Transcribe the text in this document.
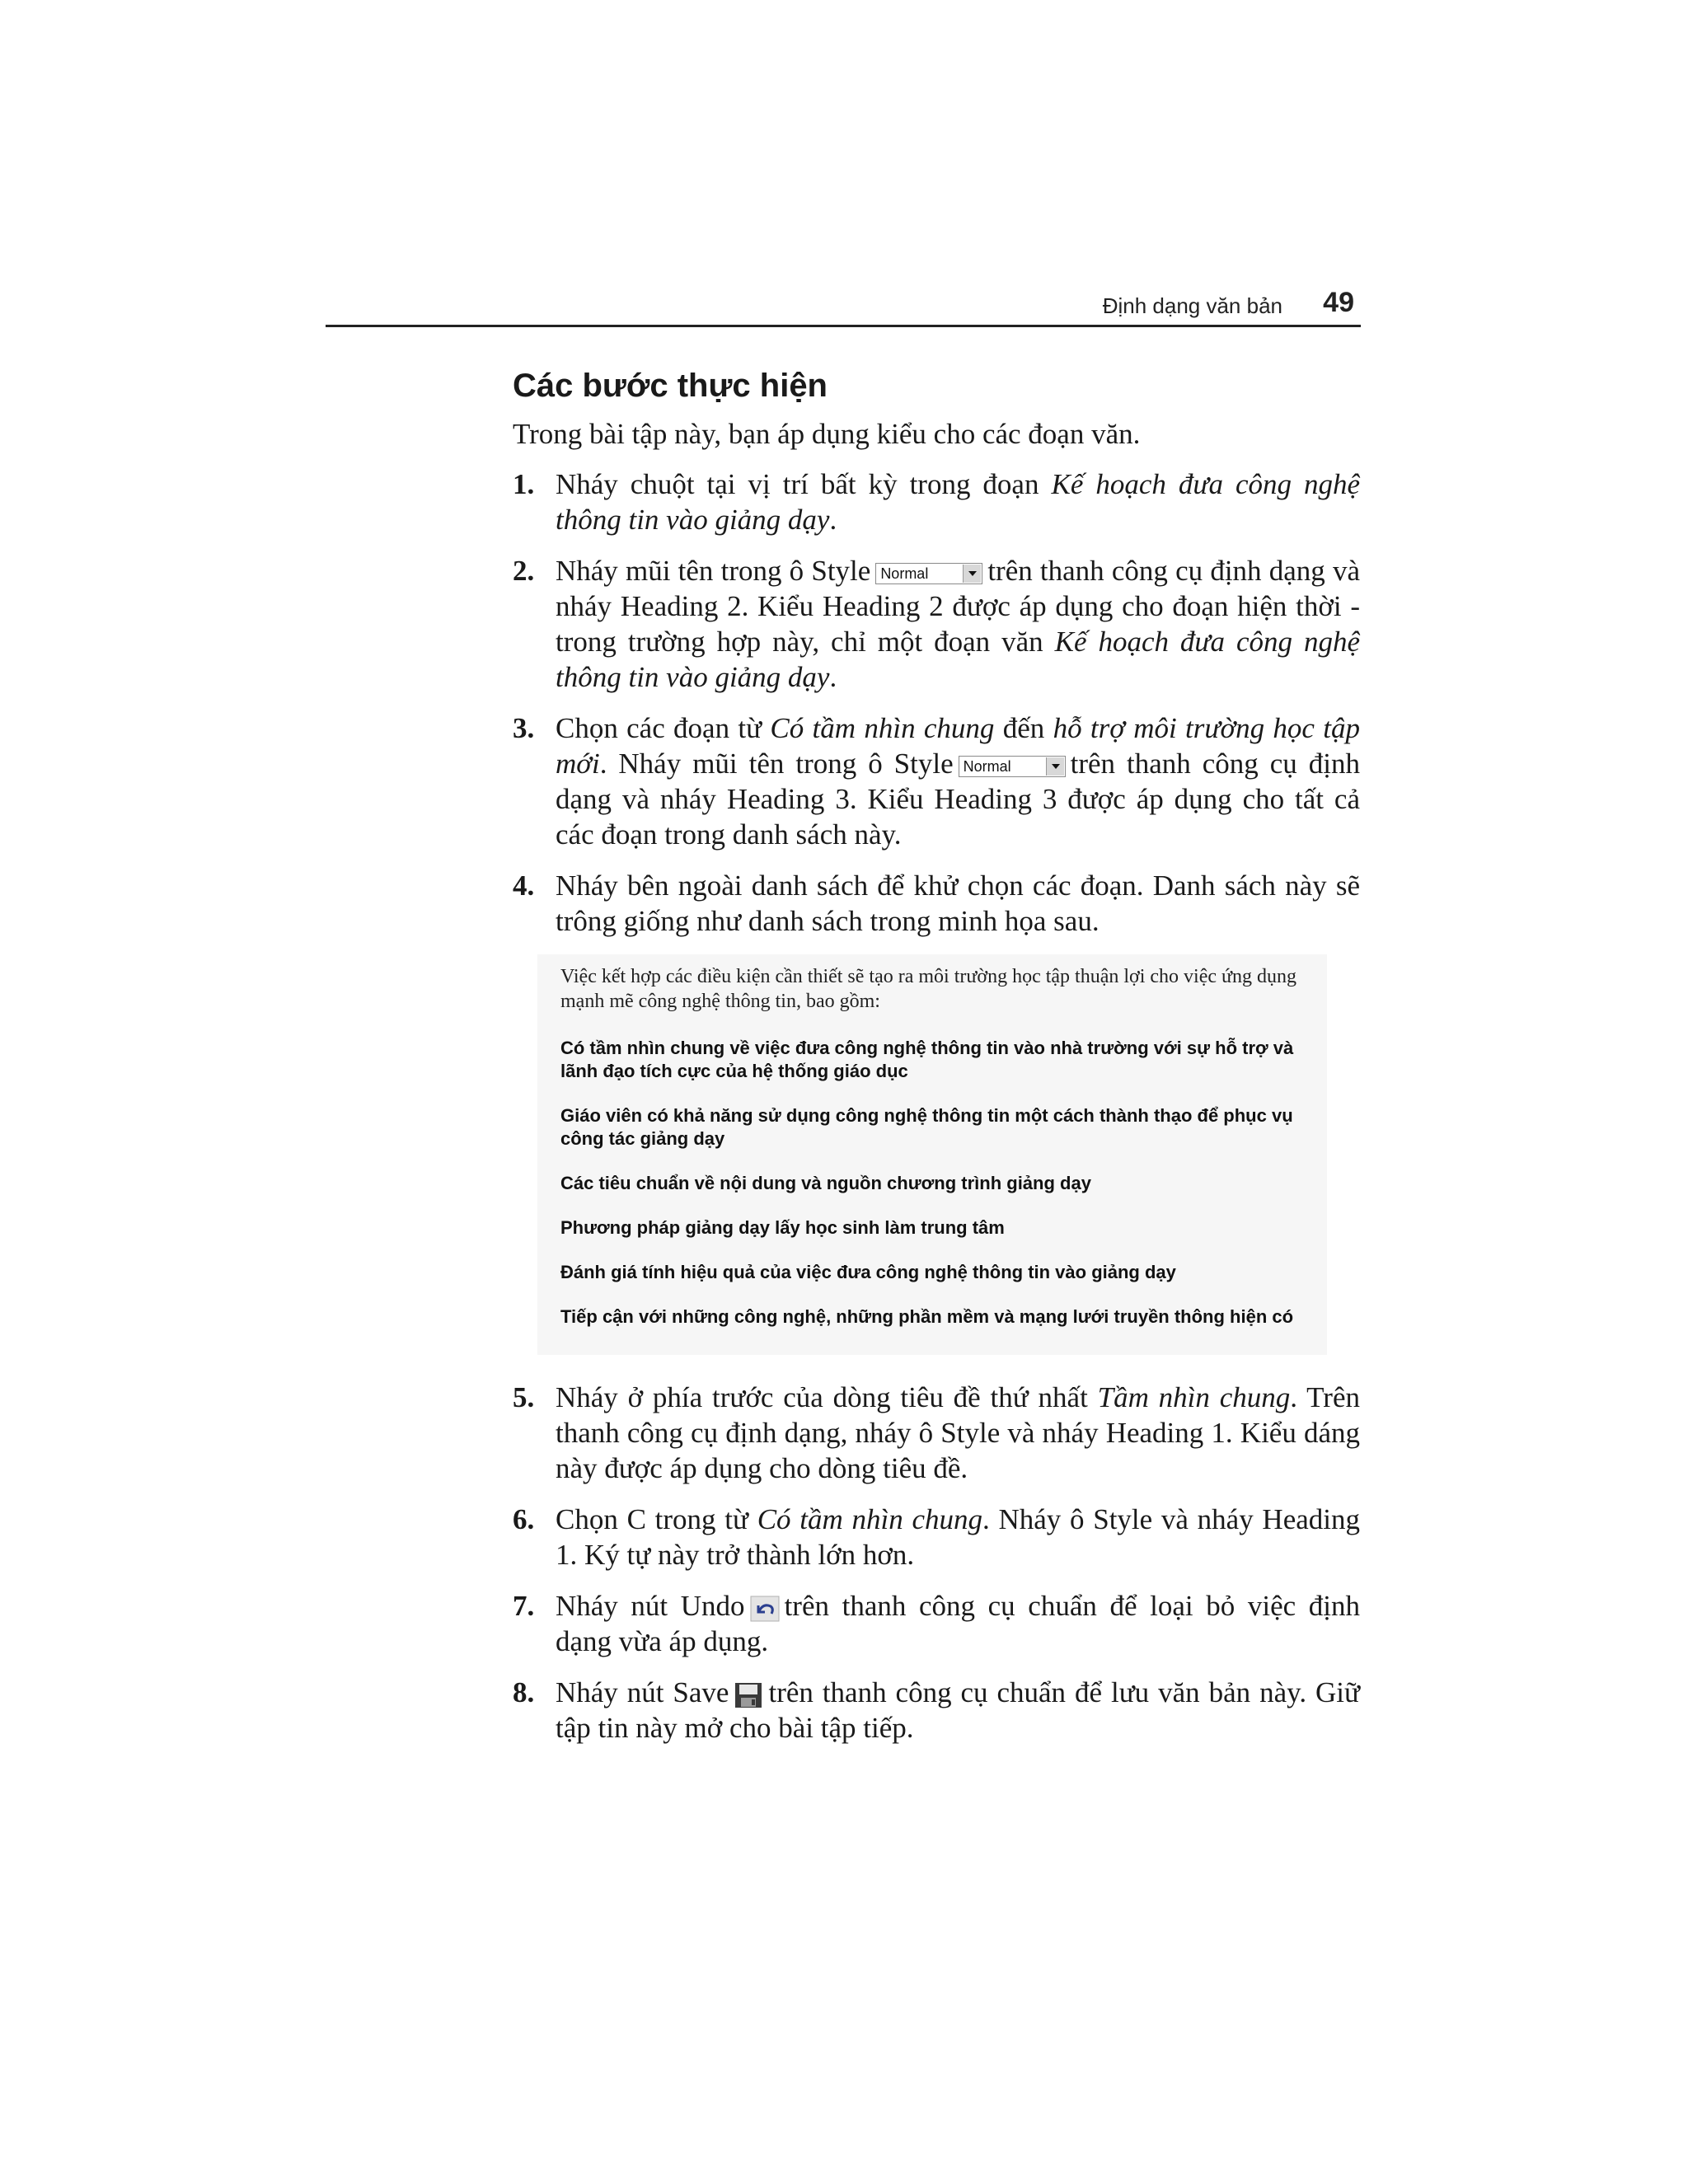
Định dạng văn bản 49
Các bước thực hiện

Trong bài tập này, bạn áp dụng kiểu cho các đoạn văn.

1. Nháy chuột tại vị trí bất kỳ trong đoạn Kế hoạch đưa công nghệ thông tin vào giảng dạy.
2. Nháy mũi tên trong ô Style Normal trên thanh công cụ định dạng và nháy Heading 2. Kiểu Heading 2 được áp dụng cho đoạn hiện thời - trong trường hợp này, chỉ một đoạn văn Kế hoạch đưa công nghệ thông tin vào giảng dạy.
3. Chọn các đoạn từ Có tầm nhìn chung đến hỗ trợ môi trường học tập mới. Nháy mũi tên trong ô Style Normal trên thanh công cụ định dạng và nháy Heading 3. Kiểu Heading 3 được áp dụng cho tất cả các đoạn trong danh sách này.
4. Nháy bên ngoài danh sách để khử chọn các đoạn. Danh sách này sẽ trông giống như danh sách trong minh họa sau.

Việc kết hợp các điều kiện cần thiết sẽ tạo ra môi trường học tập thuận lợi cho việc ứng dụng mạnh mẽ công nghệ thông tin, bao gồm:

Có tầm nhìn chung về việc đưa công nghệ thông tin vào nhà trường với sự hỗ trợ và lãnh đạo tích cực của hệ thống giáo dục

Giáo viên có khả năng sử dụng công nghệ thông tin một cách thành thạo để phục vụ công tác giảng dạy

Các tiêu chuẩn về nội dung và nguồn chương trình giảng dạy

Phương pháp giảng dạy lấy học sinh làm trung tâm

Đánh giá tính hiệu quả của việc đưa công nghệ thông tin vào giảng dạy

Tiếp cận với những công nghệ, những phần mềm và mạng lưới truyền thông hiện có

5. Nháy ở phía trước của dòng tiêu đề thứ nhất Tầm nhìn chung. Trên thanh công cụ định dạng, nháy ô Style và nháy Heading 1. Kiểu dáng này được áp dụng cho dòng tiêu đề.
6. Chọn C trong từ Có tầm nhìn chung. Nháy ô Style và nháy Heading 1. Ký tự này trở thành lớn hơn.
7. Nháy nút Undo trên thanh công cụ chuẩn để loại bỏ việc định dạng vừa áp dụng.
8. Nháy nút Save trên thanh công cụ chuẩn để lưu văn bản này. Giữ tập tin này mở cho bài tập tiếp.
